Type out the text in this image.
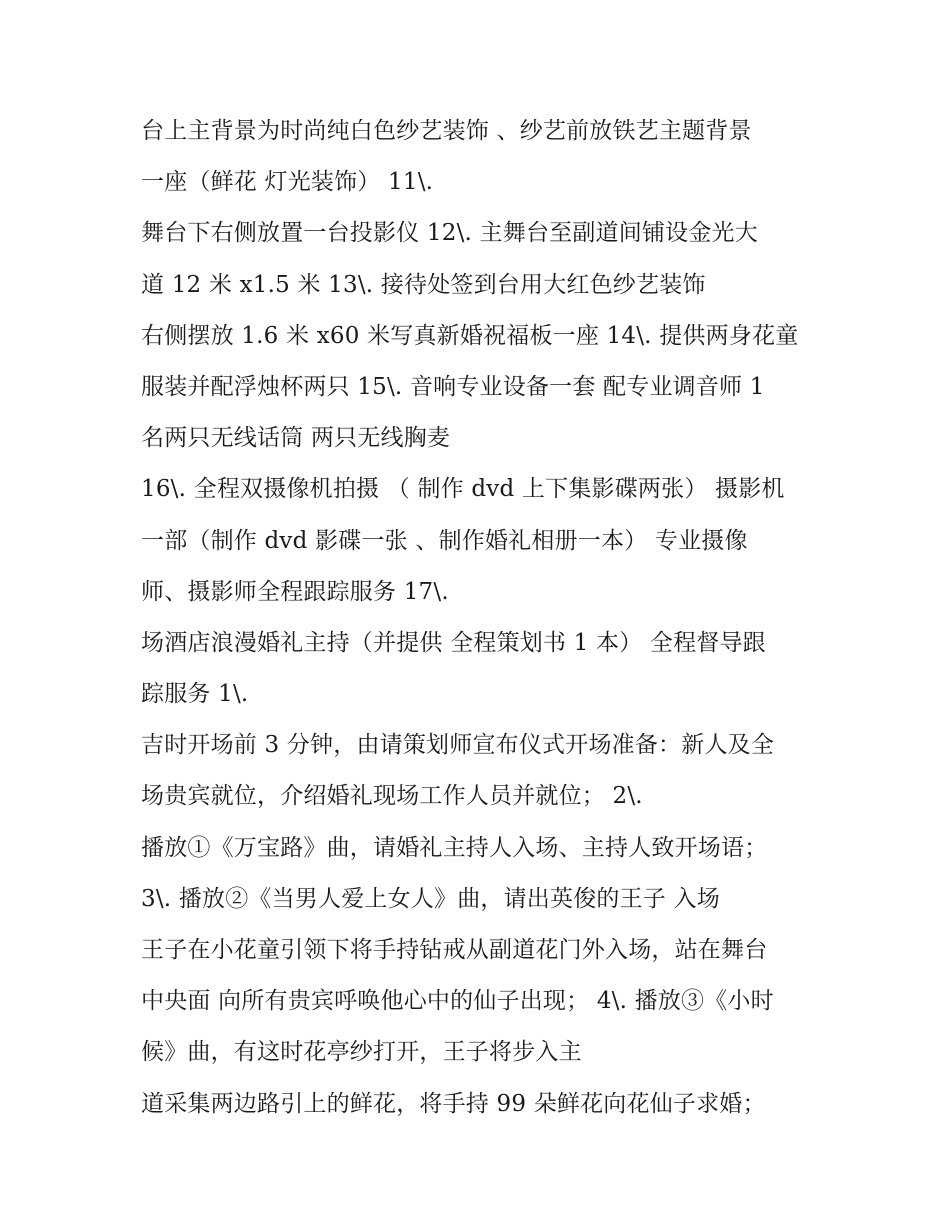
台上主背景为时尚纯白色纱艺装饰 、纱艺前放铁艺主题背景
一座（鲜花 灯光装饰） 11\.
舞台下右侧放置一台投影仪 12\. 主舞台至副道间铺设金光大
道 12 米 x1.5 米 13\. 接待处签到台用大红色纱艺装饰
右侧摆放 1.6 米 x60 米写真新婚祝福板一座 14\. 提供两身花童
服装并配浮烛杯两只 15\. 音响专业设备一套 配专业调音师 1
名两只无线话筒 两只无线胸麦
16\. 全程双摄像机拍摄 （ 制作 dvd 上下集影碟两张） 摄影机
一部（制作 dvd 影碟一张 、制作婚礼相册一本） 专业摄像
师、摄影师全程跟踪服务 17\.
场酒店浪漫婚礼主持（并提供 全程策划书 1 本） 全程督导跟
踪服务 1\.
吉时开场前 3 分钟，由请策划师宣布仪式开场准备：新人及全
场贵宾就位，介绍婚礼现场工作人员并就位； 2\.
播放①《万宝路》曲，请婚礼主持人入场、主持人致开场语；
3\. 播放②《当男人爱上女人》曲，请出英俊的王子 入场
王子在小花童引领下将手持钻戒从副道花门外入场，站在舞台
中央面 向所有贵宾呼唤他心中的仙子出现； 4\. 播放③《小时
候》曲，有这时花亭纱打开，王子将步入主
道采集两边路引上的鲜花，将手持 99 朵鲜花向花仙子求婚；
